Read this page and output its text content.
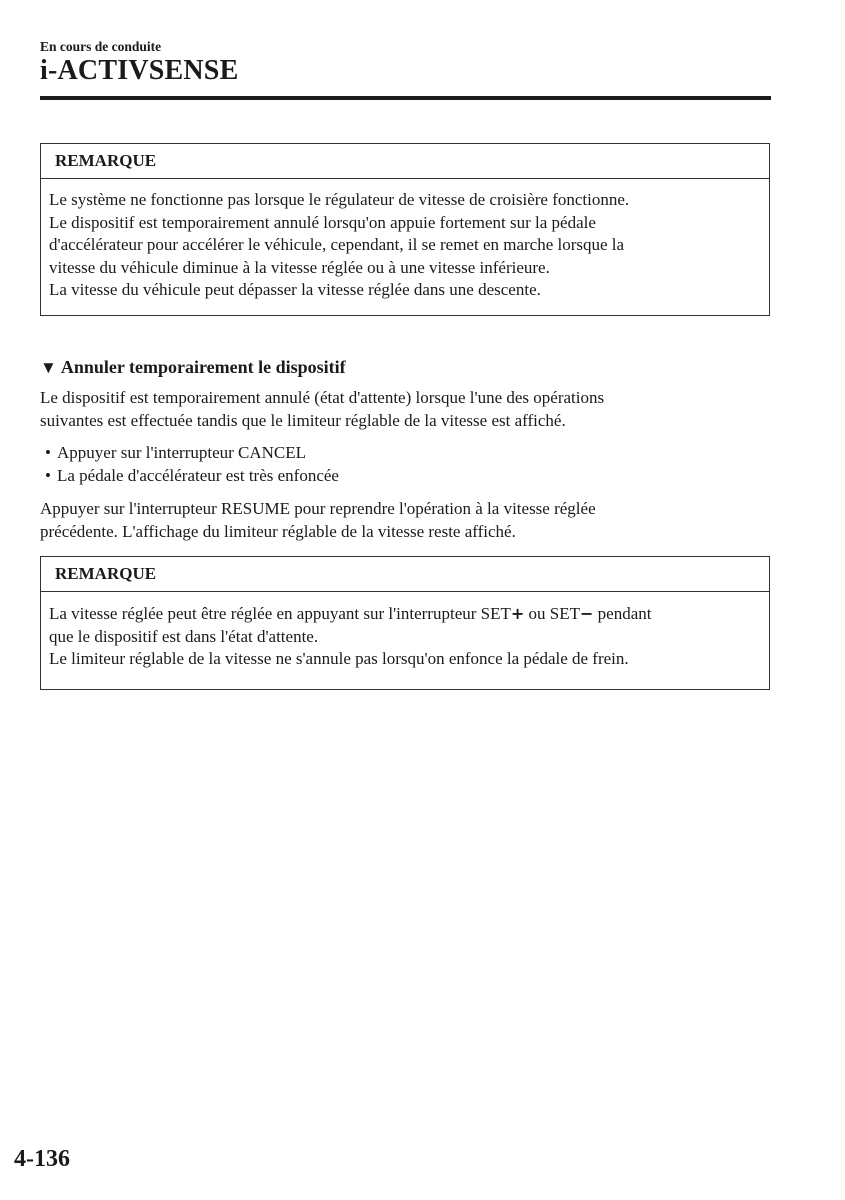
En cours de conduite
i-ACTIVSENSE
REMARQUE

Le système ne fonctionne pas lorsque le régulateur de vitesse de croisière fonctionne.

Le dispositif est temporairement annulé lorsqu'on appuie fortement sur la pédale

d'accélérateur pour accélérer le véhicule, cependant, il se remet en marche lorsque la

vitesse du véhicule diminue à la vitesse réglée ou à une vitesse inférieure.

La vitesse du véhicule peut dépasser la vitesse réglée dans une descente.

▼ Annuler temporairement le dispositif
Le dispositif est temporairement annulé (état d'attente) lorsque l'une des opérations
suivantes est effectuée tandis que le limiteur réglable de la vitesse est affiché.
• Appuyer sur l'interrupteur CANCEL
• La pédale d'accélérateur est très enfoncée
Appuyer sur l'interrupteur RESUME pour reprendre l'opération à la vitesse réglée
précédente. L'affichage du limiteur réglable de la vitesse reste affiché.
REMARQUE

La vitesse réglée peut être réglée en appuyant sur l'interrupteur SET+ ou SET− pendant

que le dispositif est dans l'état d'attente.

Le limiteur réglable de la vitesse ne s'annule pas lorsqu'on enfonce la pédale de frein.

4-136
